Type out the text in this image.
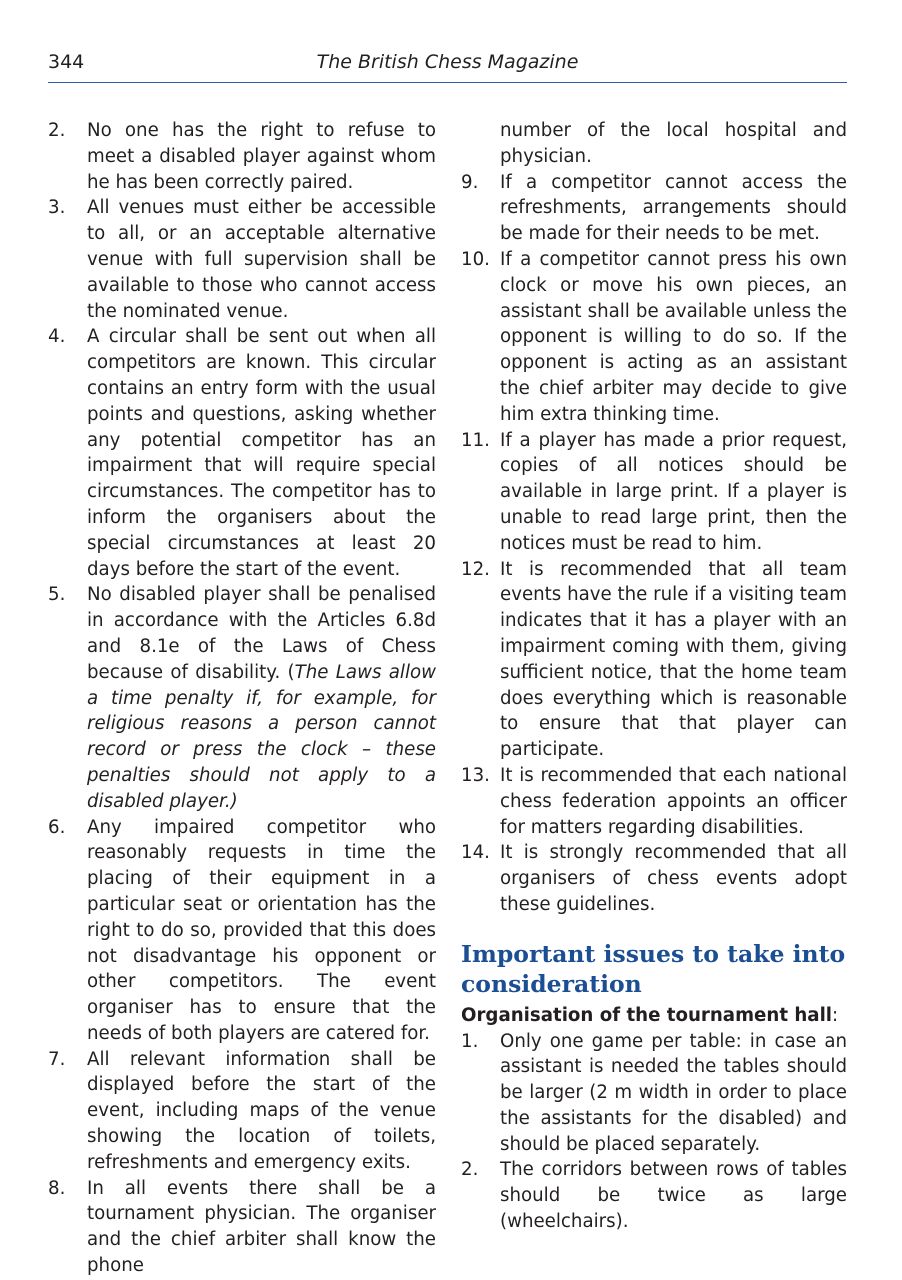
344	The British Chess Magazine
2.	No one has the right to refuse to meet a disabled player against whom he has been correctly paired.
3.	All venues must either be accessible to all, or an acceptable alternative venue with full supervision shall be available to those who cannot access the nominated venue.
4.	A circular shall be sent out when all competitors are known. This circular contains an entry form with the usual points and questions, asking whether any potential competitor has an impairment that will require special circumstances. The competitor has to inform the organisers about the special circumstances at least 20 days before the start of the event.
5.	No disabled player shall be penalised in accordance with the Articles 6.8d and 8.1e of the Laws of Chess because of disability. (The Laws allow a time penalty if, for example, for religious reasons a person cannot record or press the clock – these penalties should not apply to a disabled player.)
6.	Any impaired competitor who reasonably requests in time the placing of their equipment in a particular seat or orientation has the right to do so, provided that this does not disadvantage his opponent or other competitors. The event organiser has to ensure that the needs of both players are catered for.
7.	All relevant information shall be displayed before the start of the event, including maps of the venue showing the location of toilets, refreshments and emergency exits.
8.	In all events there shall be a tournament physician. The organiser and the chief arbiter shall know the phone
number of the local hospital and physician.
9.	If a competitor cannot access the refreshments, arrangements should be made for their needs to be met.
10. If a competitor cannot press his own clock or move his own pieces, an assistant shall be available unless the opponent is willing to do so. If the opponent is acting as an assistant the chief arbiter may decide to give him extra thinking time.
11. If a player has made a prior request, copies of all notices should be available in large print. If a player is unable to read large print, then the notices must be read to him.
12. It is recommended that all team events have the rule if a visiting team indicates that it has a player with an impairment coming with them, giving sufficient notice, that the home team does everything which is reasonable to ensure that that player can participate.
13. It is recommended that each national chess federation appoints an officer for matters regarding disabilities.
14. It is strongly recommended that all organisers of chess events adopt these guidelines.
Important issues to take into consideration
Organisation of the tournament hall:
1.	Only one game per table: in case an assistant is needed the tables should be larger (2 m width in order to place the assistants for the disabled) and should be placed separately.
2.	The corridors between rows of tables should be twice as large (wheelchairs).
